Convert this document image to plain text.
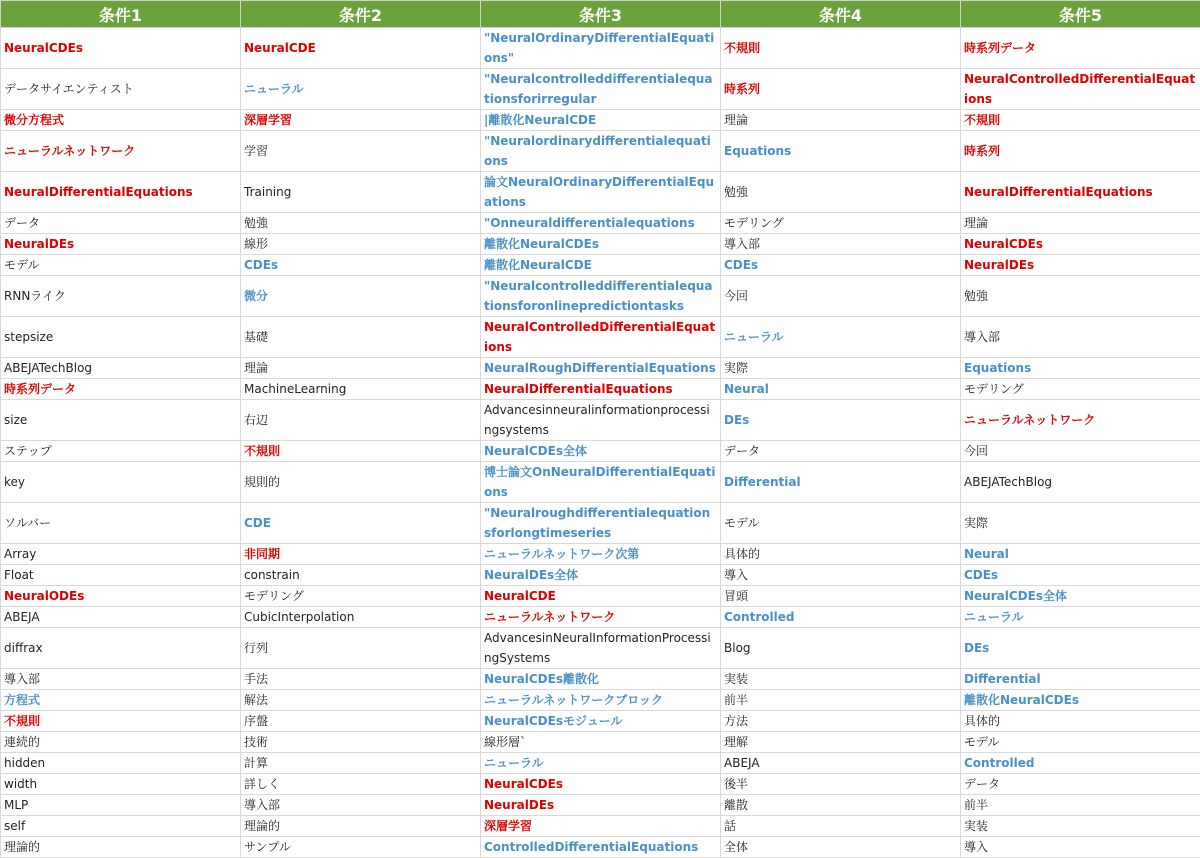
条件1	条件2	条件3	条件4	条件5
NeuralCDEs	NeuralCDE	"NeuralOrdinaryDifferentialEquations"	不規則	時系列データ
データサイエンティスト	ニューラル	"Neuralcontrolleddifferentialequationsforirregular	時系列	NeuralControlledDifferentialEquations
微分方程式	深層学習	|離散化NeuralCDE	理論	不規則
ニューラルネットワーク	学習	"Neuralordinarydifferentialequations	Equations	時系列
NeuralDifferentialEquations	Training	論文NeuralOrdinaryDifferentialEquations	勉強	NeuralDifferentialEquations
データ	勉強	"Onneuraldifferentialequations	モデリング	理論
NeuralDEs	線形	離散化NeuralCDEs	導入部	NeuralCDEs
モデル	CDEs	離散化NeuralCDE	CDEs	NeuralDEs
RNNライク	微分	"Neuralcontrolleddifferentialequationsforonlinepredictiontasks	今回	勉強
stepsize	基礎	NeuralControlledDifferentialEquations	ニューラル	導入部
ABEJATechBlog	理論	NeuralRoughDifferentialEquations	実際	Equations
時系列データ	MachineLearning	NeuralDifferentialEquations	Neural	モデリング
size	右辺	Advancesinneuralinformationprocessingsystems	DEs	ニューラルネットワーク
ステップ	不規則	NeuralCDEs全体	データ	今回
key	規則的	博士論文OnNeuralDifferentialEquations	Differential	ABEJATechBlog
ソルバー	CDE	"Neuralroughdifferentialequationsforlongtimeseries	モデル	実際
Array	非同期	ニューラルネットワーク次第	具体的	Neural
Float	constrain	NeuralDEs全体	導入	CDEs
NeuralODEs	モデリング	NeuralCDE	冒頭	NeuralCDEs全体
ABEJA	CubicInterpolation	ニューラルネットワーク	Controlled	ニューラル
diffrax	行列	AdvancesinNeuralInformationProcessingSystems	Blog	DEs
導入部	手法	NeuralCDEs離散化	実装	Differential
方程式	解法	ニューラルネットワークブロック	前半	離散化NeuralCDEs
不規則	序盤	NeuralCDEsモジュール	方法	具体的
連続的	技術	線形層`	理解	モデル
hidden	計算	ニューラル	ABEJA	Controlled
width	詳しく	NeuralCDEs	後半	データ
MLP	導入部	NeuralDEs	離散	前半
self	理論的	深層学習	話	実装
理論的	サンプル	ControlledDifferentialEquations	全体	導入
